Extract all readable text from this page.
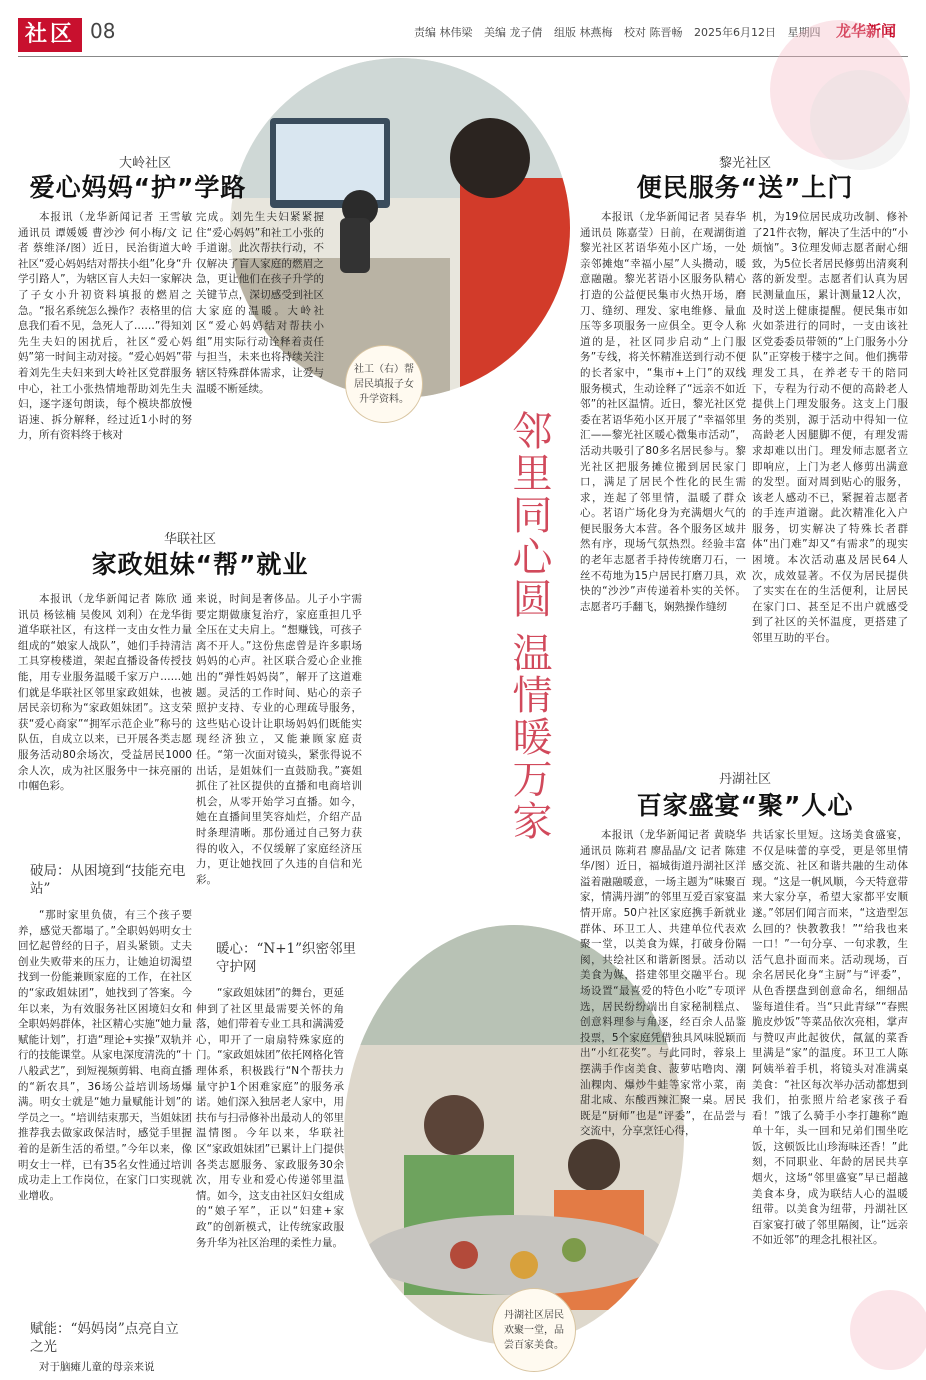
社区 08	责编 林伟梁 美编 龙子倩 组版 林燕梅 校对 陈晋畅 2025年6月12日 星期四	龙华新闻
社工（右）帮居民填报子女升学资料。
邻里同心圆温情暖万家
大岭社区
爱心妈妈“护”学路

本报讯（龙华新闻记者 王雪敏 通讯员 谭媛媛 曹沙沙 何小梅/文 记者 蔡维泽/图）近日，民治街道大岭社区“爱心妈妈结对帮扶小组”化身“升学引路人”，为辖区盲人夫妇一家解决了子女小升初资料填报的燃眉之急。“报名系统怎么操作？表格里的信息我们看不见，急死人了……”得知刘先生夫妇的困扰后，社区“爱心妈妈”第一时间主动对接。“爱心妈妈”带着刘先生夫妇来到大岭社区党群服务中心，社工小张热情地帮助刘先生夫妇，逐字逐句朗读，每个模块都放慢语速、拆分解释，经过近1小时的努力，所有资料终于核对

完成。刘先生夫妇紧紧握住“爱心妈妈”和社工小张的手道谢。此次帮扶行动，不仅解决了盲人家庭的燃眉之急，更让他们在孩子升学的关键节点，深切感受到社区大家庭的温暖。大岭社区“爱心妈妈结对帮扶小组”用实际行动诠释着责任与担当，未来也将持续关注辖区特殊群体需求，让爱与温暖不断延续。

华联社区
家政姐妹“帮”就业

本报讯（龙华新闻记者 陈欣 通讯员 杨铉楠 吴俊风 刘利）在龙华街道华联社区，有这样一支由女性力量组成的“娘家人战队”，她们手持清洁工具穿梭楼道，架起直播设备传授技能，用专业服务温暖千家万户……她们就是华联社区邻里家政姐妹，也被居民亲切称为“家政姐妹团”。这支荣获“爱心商家”“拥军示范企业”称号的队伍，自成立以来，已开展各类志愿服务活动80余场次，受益居民1000余人次，成为社区服务中一抹亮丽的巾帼色彩。

破局：从困境到“技能充电站”

“那时家里负债，有三个孩子要养，感觉天都塌了。”全职妈妈明女士回忆起曾经的日子，眉头紧锁。丈夫创业失败带来的压力，让她迫切渴望找到一份能兼顾家庭的工作，在社区的“家政姐妹团”，她找到了答案。今年以来，为有效服务社区困境妇女和全职妈妈群体，社区精心实施“她力量赋能计划”，打造“理论+实操”双轨并行的技能课堂。从家电深度清洗的“十八般武艺”，到短视频剪辑、电商直播的“新农具”，36场公益培训场场爆满。明女士就是“她力量赋能计划”的学员之一。“培训结束那天，当姐妹团推荐我去做家政保洁时，感觉手里握着的是新生活的希望。”今年以来，像明女士一样，已有35名女性通过培训成功走上工作岗位，在家门口实现就业增收。

赋能：“妈妈岗”点亮自立之光

对于脑瘫儿童的母亲来说

来说，时间是奢侈品。儿子小宇需要定期做康复治疗，家庭重担几乎全压在丈夫肩上。“想赚钱，可孩子离不开人。”这份焦虑曾是许多职场妈妈的心声。社区联合爱心企业推出的“弹性妈妈岗”，解开了这道难题。灵活的工作时间、贴心的亲子照护支持、专业的心理疏导服务，这些贴心设计让职场妈妈们既能实现经济独立，又能兼顾家庭责任。“第一次面对镜头，紧张得说不出话，是姐妹们一直鼓励我。”赛姐抓住了社区提供的直播和电商培训机会，从零开始学习直播。如今，她在直播间里笑容灿烂，介绍产品时条理清晰。那份通过自己努力获得的收入，不仅缓解了家庭经济压力，更让她找回了久违的自信和光彩。

暖心：“N+1”织密邻里守护网

“家政姐妹团”的舞台，更延伸到了社区里最需要关怀的角落，她们带着专业工具和满满爱心，叩开了一扇扇特殊家庭的门。“家政姐妹团”依托网格化管理体系，积极践行“N个帮扶力量守护1个困难家庭”的服务承诺。她们深入独居老人家中，用扶布与扫帚修补出最动人的邻里温情图。今年以来，华联社区“家政姐妹团”已累计上门提供各类志愿服务、家政服务30余次，用专业和爱心传递邻里温情。如今，这支由社区妇女组成的“娘子军”，正以“妇建+家政”的创新模式，让传统家政服务升华为社区治理的柔性力量。

黎光社区
便民服务“送”上门

本报讯（龙华新闻记者 吴春华 通讯员 陈嘉莹）日前，在观湖街道黎光社区茗语华苑小区广场，一处亲邻摊炮“幸福小屋”人头攒动，暖意融融。黎光茗语小区服务队精心打造的公益便民集市火热开场，磨刀、缝纫、理发、家电维修、量血压等多项服务一应俱全。更令人称道的是，社区同步启动“上门服务”专线，将关怀精准送到行动不便的长者家中，“集市+上门”的双线服务模式，生动诠释了“远亲不如近邻”的社区温情。近日，黎光社区党委在茗语华苑小区开展了“幸福邻里汇——黎光社区暖心微集市活动”，活动共吸引了80多名居民参与。黎光社区把服务摊位搬到居民家门口，满足了居民个性化的民生需求，连起了邻里情，温暖了群众心。茗语广场化身为充满烟火气的便民服务大本营。各个服务区域井然有序，现场气氛热烈。经验丰富的老年志愿者手持传统磨刀石，一丝不苟地为15户居民打磨刀具，欢快的“沙沙”声传递着朴实的关怀。志愿者巧手翻飞，娴熟操作缝纫

机，为19位居民成功改制、修补了21件衣物，解决了生活中的“小烦恼”。3位理发师志愿者耐心细致，为5位长者居民修剪出清爽利落的新发型。志愿者们认真为居民测量血压，累计测量12人次，及时送上健康提醒。便民集市如火如荼进行的同时，一支由该社区党委委员带领的“上门服务小分队”正穿梭于楼宇之间。他们携带理发工具，在养老专干的陪同下，专程为行动不便的高龄老人提供上门理发服务。这支上门服务的类别，源于活动中得知一位高龄老人因腿脚不便，有理发需求却难以出门。理发师志愿者立即响应，上门为老人修剪出满意的发型。面对周到贴心的服务，该老人感动不已，紧握着志愿者的手连声道谢。此次精准化入户服务，切实解决了特殊长者群体“出门难”却又“有需求”的现实困境。本次活动惠及居民64人次，成效显著。不仅为居民提供了实实在在的生活便利，让居民在家门口、甚至足不出户就感受到了社区的关怀温度，更搭建了邻里互助的平台。

丹湖社区
百家盛宴“聚”人心
丹湖社区居民欢聚一堂，品尝百家美食。

本报讯（龙华新闻记者 黄晓华 通讯员 陈莉君 廖晶晶/文 记者 陈建华/图）近日，福城街道丹湖社区洋溢着融融暖意，一场主题为“味聚百家，情满丹湖”的邻里互爱百家宴温情开席。50户社区家庭携手新就业群体、环卫工人、共建单位代表欢聚一堂，以美食为媒，打破身份隔阂，共绘社区和谐新图景。活动以美食为媒，搭建邻里交融平台。现场设置“最喜爱的特色小吃”专项评选，居民纷纷端出自家秘制糕点、创意料理参与角逐，经百余人品鉴投票，5个家庭凭借独具风味脱颖而出“小红花奖”。与此同时，蓉泉上摆满手作卤美食、菠萝咕噜肉、潮汕粿肉、爆炒牛蛙等家常小菜，南甜北咸、东酸西辣汇聚一桌。居民既是“厨师”也是“评委”，在品尝与交流中，分享烹饪心得，

共话家长里短。这场美食盛宴，不仅是味蕾的享受，更是邻里情感交流、社区和谐共融的生动体现。“这是一帆风顺，今天特意带来大家分享，希望大家都平安顺遂。”邻居们闻言而来，“这造型怎么回的？快教教我！”“给我也来一口！”一句分享、一句求教，生活气息扑面而来。活动现场，百余名居民化身“主厨”与“评委”，从色香摆盘到创意命名，细细品鉴每道佳肴。当“只此青绿”“春熙脆皮炒饭”等菜品依次亮相，掌声与赞叹声此起彼伏，氤氲的菜香里满是“家”的温度。环卫工人陈阿姨举着手机，将镜头对准满桌美食：“社区每次举办活动都想到我们，拍张照片给老家孩子看看！”饿了么骑手小李打趣称“跑单十年，头一回和兄弟们围坐吃饭，这顿饭比山珍海味还香！”此刻，不同职业、年龄的居民共享烟火，这场“邻里盛宴”早已超越美食本身，成为联结人心的温暖纽带。以美食为纽带，丹湖社区百家宴打破了邻里隔阂，让“远亲不如近邻”的理念扎根社区。
